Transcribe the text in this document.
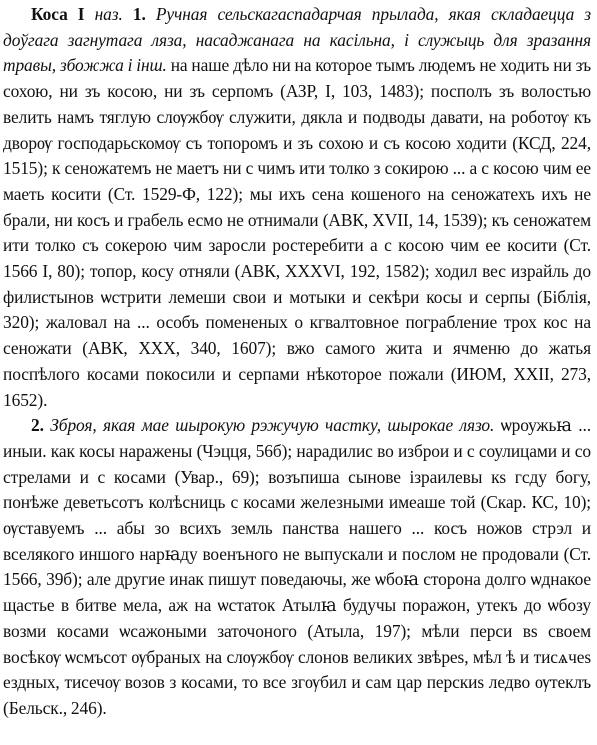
Коса I наз. 1. Ручная сельскагаспадарчая прылада, якая складаецца з доўгага загнутага ляза, насаджанага на касільна, і служыць для зразання травы, збожжа і інш. на наше дѣло ни на которое тымъ людемъ не ходить ни зъ сохою, ни зъ косою, ни зъ серпомъ (АЗР, I, 103, 1483); посполъ зъ волостью велить намъ тяглую слѹжбѹ служити, дякла и подводы давати, на роботѹ къ дворѹ господарьскомѹ съ топоромъ и зъ сохою и съ косою ходити (КСД, 224, 1515); к сеножатемъ не маетъ ни с чимъ ити толко з сокирою ... а с косою чим ее маеть косити (Ст. 1529-Ф, 122); мы ихъ сена кошеного на сеножатехъ ихъ не брали, ни косъ и грабель есмо не отнимали (АВК, XVII, 14, 1539); къ сеножатем ити толко съ сокерою чим заросли ростеребити а с косою чим ее косити (Ст. 1566 I, 80); топор, косу отняли (АВК, XXXVI, 192, 1582); ходил вес израйль до филистынов ѡстрити лемеши свои и мотыки и секѣри косы и серпы (Біблія, 320); жаловал на ... особъ помененых о кгвалтовное пограбление трох кос на сеножати (АВК, XXX, 340, 1607); вжо самого жита и ячменю до жатья поспѣлого косами покосили и серпами нѣкоторое пожали (ИЮМ, XXII, 273, 1652).

2. Зброя, якая мае шырокую рэжучую частку, шырокае лязо. ѡроужьꙗ ... иныи. как косы наражены (Чэцця, 56б); нарадилис во изброи и с соулицами и со стрелами и с косами (Увар., 69); возъпиша сынове ізраилевы кs гсду богу, понѣже деветьсотъ колѣсниць с косами железными имеаше той (Скар. КС, 10); ѹставуемъ ... абы зо всихъ земль панства нашего ... косъ ножов стрэл и вселякого иншого нарꙗду военъного не выпускали и послом не продовали (Ст. 1566, 39б); але другие инак пишут поведаючы, же ѡбоꙗ сторона долго ѡднакое щастье в битве мела, аж на ѡстаток Атылꙗ будучы поражон, утекъ до ѡбозу возми косами ѡсажоными заточоного (Атыла, 197); мѣли перси вs своем восѣкѹ ѡсмъсот ѹбраных на слѹжбѹ слонов великих звѣреs, мѣл ѣ и тисѧчеs ездных, тисечѹ возов з косами, то все згѹбил и сам цар перскиs ледво ѹтеклъ (Бельск., 246).
